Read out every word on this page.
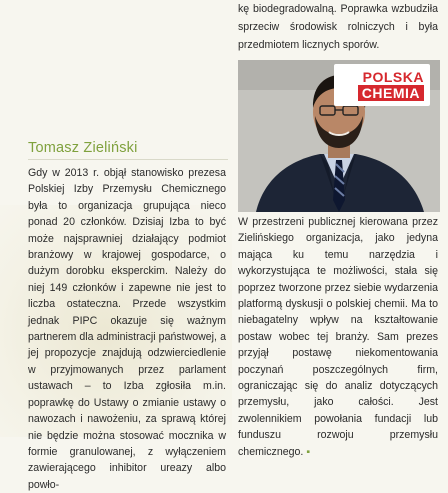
kę biodegradowalną. Poprawka wzbudziła sprzeciw środowisk rolniczych i była przedmiotem licznych sporów.

POLSKA
CHEMIA
Tomasz Zieliński

Gdy w 2013 r. objął stanowisko prezesa Polskiej Izby Przemysłu Chemicznego była to organizacja grupująca nieco ponad 20 członków. Dzisiaj Izba to być może najsprawniej działający podmiot branżowy w krajowej gospodarce, o dużym dorobku eksperckim. Należy do niej 149 członków i zapewne nie jest to liczba ostateczna. Przede wszystkim jednak PIPC okazuje się ważnym partnerem dla administracji państwowej, a jej propozycje znajdują odzwierciedlenie w przyjmowanych przez parlament ustawach – to Izba zgłosiła m.in. poprawkę do Ustawy o zmianie ustawy o nawozach i nawożeniu, za sprawą której nie będzie można stosować mocznika w formie granulowanej, z wyłączeniem zawierającego inhibitor ureazy albo powło-

W przestrzeni publicznej kierowana przez Zielińskiego organizacja, jako jedyna mająca ku temu narzędzia i wykorzystująca te możliwości, stała się poprzez tworzone przez siebie wydarzenia platformą dyskusji o polskiej chemii. Ma to niebagatelny wpływ na kształtowanie postaw wobec tej branży. Sam prezes przyjął postawę niekomentowania poczynań poszczególnych firm, ograniczając się do analiz dotyczących przemysłu, jako całości. Jest zwolennikiem powołania fundacji lub funduszu rozwoju przemysłu chemicznego. ▪
